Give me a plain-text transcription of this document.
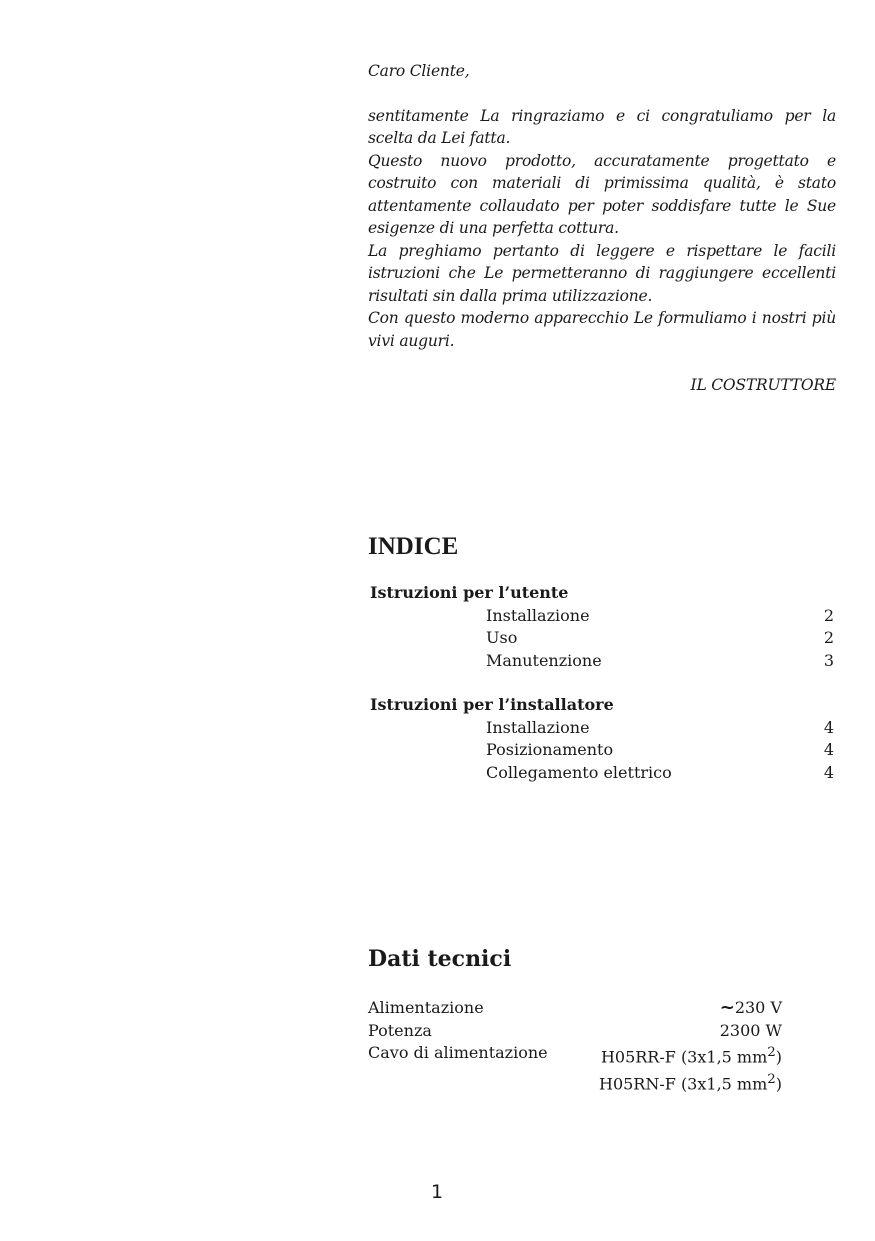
Caro Cliente,

sentitamente La ringraziamo e ci congratuliamo per la scelta da Lei fatta.
Questo nuovo prodotto, accuratamente progettato e costruito con materiali di primissima qualità, è stato attentamente collaudato per poter soddisfare tutte le Sue esigenze di una perfetta cottura.
La preghiamo pertanto di leggere e rispettare le facili istruzioni che Le permetteranno di raggiungere eccellenti risultati sin dalla prima utilizzazione.
Con questo moderno apparecchio Le formuliamo i nostri più vivi auguri.

IL COSTRUTTORE

INDICE
Istruzioni per l’utente
Installazione	2
Uso	2
Manutenzione	3
Istruzioni per l’installatore
Installazione	4
Posizionamento	4
Collegamento elettrico	4
Dati tecnici
Alimentazione	~230 V
Potenza	2300 W
Cavo di alimentazione	H05RR-F (3x1,5 $mm^2$)
	H05RN-F (3x1,5 $mm^2$)
1
